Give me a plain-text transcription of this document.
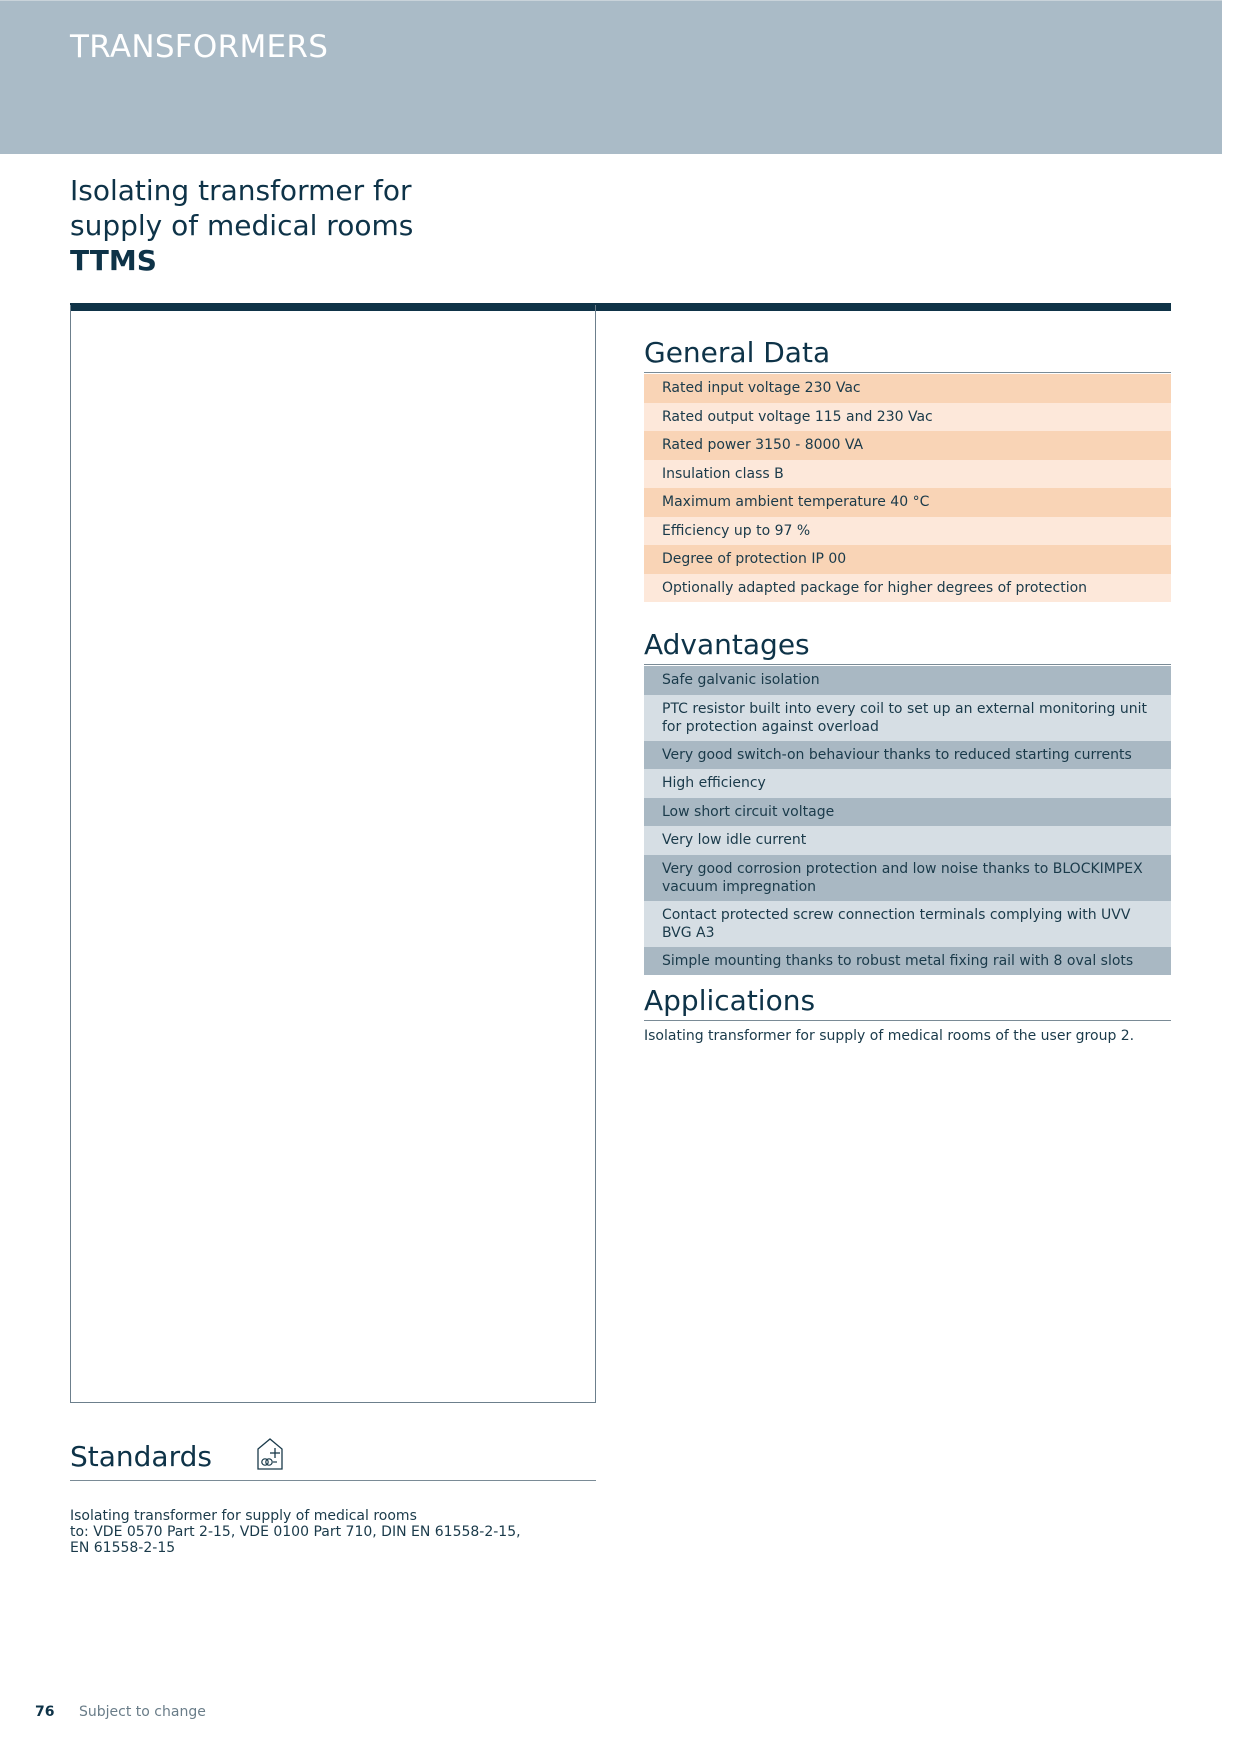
TRANSFORMERS
Isolating transformer for
supply of medical rooms
TTMS
General Data
Rated input voltage 230 Vac
Rated output voltage 115 and 230 Vac
Rated power 3150 - 8000 VA
Insulation class B
Maximum ambient temperature 40 °C
Efficiency up to 97 %
Degree of protection IP 00
Optionally adapted package for higher degrees of protection
Advantages
Safe galvanic isolation
PTC resistor built into every coil to set up an external monitoring unit for protection against overload
Very good switch-on behaviour thanks to reduced starting currents
High efficiency
Low short circuit voltage
Very low idle current
Very good corrosion protection and low noise thanks to BLOCKIMPEX vacuum impregnation
Contact protected screw connection terminals complying with UVV BVG A3
Simple mounting thanks to robust metal fixing rail with 8 oval slots
Applications

Isolating transformer for supply of medical rooms of the user group 2.

Standards

Isolating transformer for supply of medical rooms
to: VDE 0570 Part 2-15, VDE 0100 Part 710, DIN EN 61558-2-15,
EN 61558-2-15

76 Subject to change
